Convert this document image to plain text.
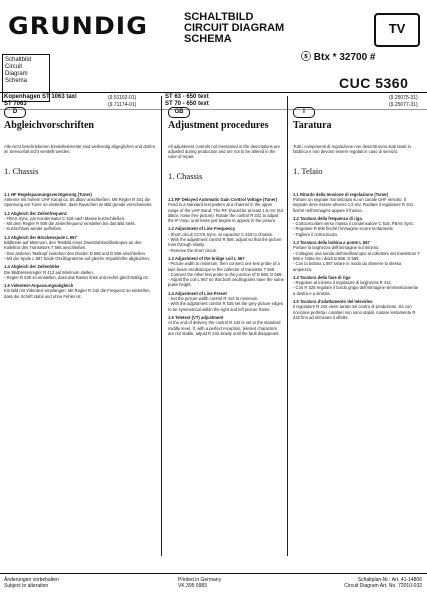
GRUNDIG	SCHALTBILD
CIRCUIT DIAGRAM
SCHEMA
TV
ⓢ Btx * 32700 #
Schaltbild
Circuit
Diagram
Schema	CUC 5360
Kopenhagen ST 1063 taxi
ST 7063
(9.51102-01)
(9.71174-01)
ST 63 - 650 text
ST 70 - 650 text
(9.25075-31)
(9.25077-31)
D	GB	I
Abgleichvorschriften	Adjustment procedures Taratura

Alle nicht beschriebenen Einstellelemente sind werkseitig abgeglichen und dürfen im Servicefall nicht verstellt werden.

1. Chassis

1.1 HF Regelspannungsverzögerung (Tuner)
Antenne mit hohem UHF Kanal ca. 55 dBuV anschließen. Mit Regler R 341 die Spannung am Tuner so einstellen, dass Rauschen im Bild gerade verschwindet.
1.2 Abgleich der Zeilenfrequenz
- FBAS Sync. am Kondensator C 518 nach Masse kurzschließen.
- Mit dem Regler R 506 die Zeilenfrequenz einstellen bis das Bild steht.
- Kurzschluss wieder aufheben.
1.3 Abgleich der Brückenspule L 567
Bildbreite auf Minimum, den Testbild eines Zweistrahloszilloskopes an den Kollektor des Transistors T 566 anschließen.
- Den anderen Tastkopf zwischen den Dioden D 568 und D 569 anschließen.
- Mit der Spule L 567 beide Oszillogramme auf gleiche Impulshöhe abgleichen.
1.4 Abgleich der Zeilenhöhe
Die Bildbreitenregler R 412 auf Minimum stellen.
- Regler R 525 so einstellen, dass das Raster links und rechts gleichmäßig ist.
1.5 Videotext-Anpassungsabgleich
Ein Bild mit Videotext empfangen. Mit Regler R 242 die Frequenz so einstellen, dass die Schrift stabil und ohne Fehler ist.

All adjustment controls not mentioned in the descriptions are adjusted during production and are not to be altered in the case of repair.

1. Chassis

1.1 RF Delayed Automatic Gain Control Voltage (Tuner)
Feed in a standard test pattern at a channel in the upper range of the UHF Band. The RF should be at least 1.5 mV (63 dBuV, noise free picture). Rotate the control R 341 to adjust the IF-Amp. until noise just begins to appear in the picture.
1.2 Adjustment of Line Frequency
- Short circuit CCVS Sync. at capacitor C 518 to chassis.
- With the adjustment control R 506, adjust so that the picture runs through slowly.
- Remove the short circuit.
1.3 Adjustment of the bridge coil L 567
- Picture width to minimum, then connect one test probe of a twin beam oscilloscope to the collector of transistor T 566.
- Connect the other test probe to the junction of D 568, D 569.
- Adjust the coil L 567 so that both oscillograms have the same pulse height.
1.4 Adjustment of Line Preset
- Set the picture width control R 412 to minimum.
- With the adjustment control R 525 set the grey picture edges to be symmetrical within the right and left picture frame.
1.5 Teletext (VT) adjustment
At the end of delivery the control R 242 is set to the standard middle level. If, with a perfect reception, teletext characters are not stable, adjust R 242 slowly until the fault disappears.

Tutti i componenti di regolazione non descritti sono stati tarati in fabbrica e non devono essere regolati in caso di servizio.

1. Telaio

1.1 Ritardo della tensione di regolazione (Tuner)
Portare un segnale monoscopio su un canale UHF elevato. Il segnale deve essere almeno 1,5 mV. Ruotare il regolatore R 341 finché nell'immagine appare il fruscio.
1.2 Taratura della frequenza di riga
- Cortocircuitare verso massa il condensatore C 518, FBAS Sync.
- Regolare R 506 finché l'immagine scorre lentamente.
- Togliere il cortocircuito.
1.3 Taratura della bobina a ponte L 567
Portare la larghezza dell'immagine sul minimo.
- Collegare una sonda dell'oscilloscopio al collettore del transistore T 566 e l'altra tra i diodi D 568, D 569.
- Con la bobina L 567 tarare in modo da ottenere la stessa ampiezza.
1.4 Taratura della fase di riga
- Regolare al minimo il regolatore di larghezza R 412.
- Con R 525 regolare il bordo grigio dell'immagine simmetricamente a destra e a sinistra.
1.5 Taratura d'adattamento del televideo
Il regolatore R 242 viene tarato nel centro di produzione. Se con ricezione perfetta i caratteri non sono stabili, ruotare lentamente R 242 fino ad eliminare il difetto.

Änderungen vorbehalten
Subject to alteration
Printed in Germany
VK 395 0983
Schaltplan-Nr.: Art. 41-14806
Circuit Diagram Art. No. 72010-032
